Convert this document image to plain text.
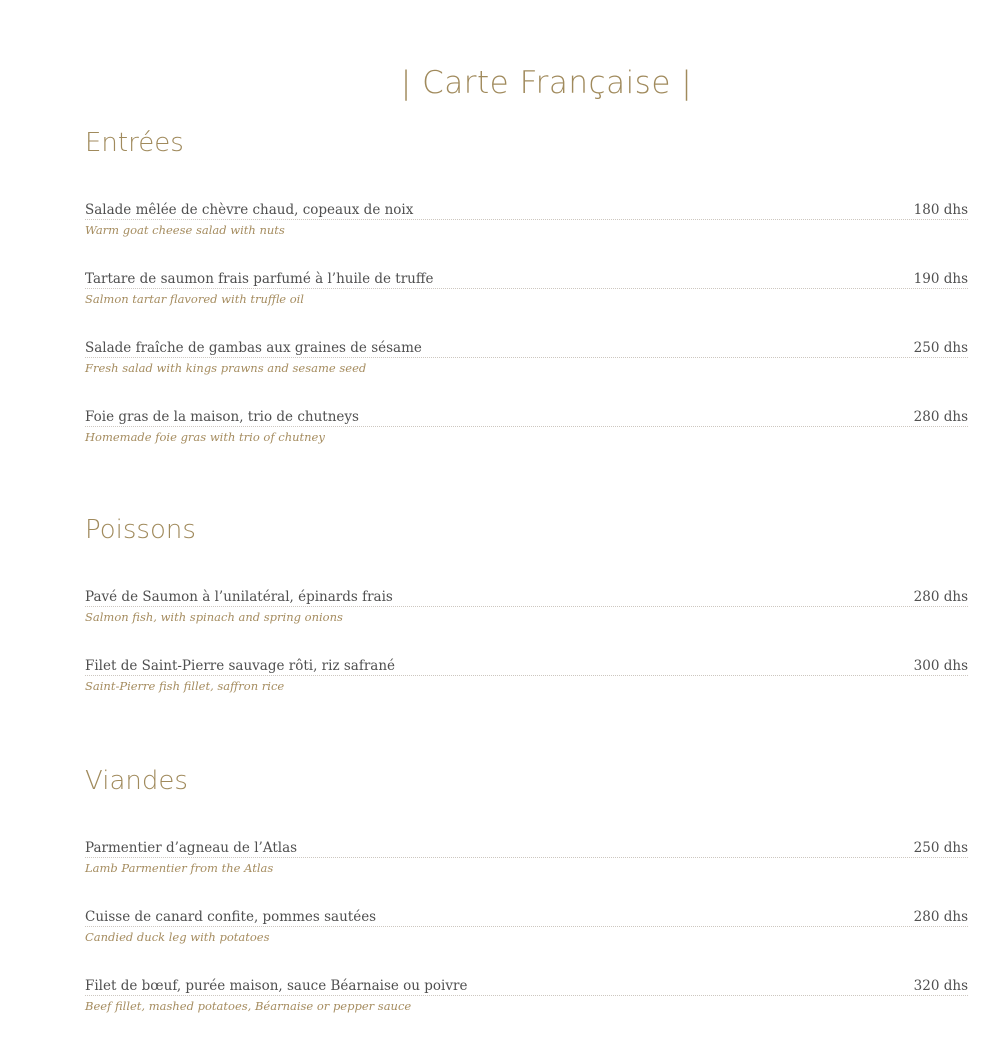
| Carte Française |
Entrées
Salade mêlée de chèvre chaud, copeaux de noix	180 dhs
Warm goat cheese salad with nuts
Tartare de saumon frais parfumé à l’huile de truffe	190 dhs
Salmon tartar flavored with truffle oil
Salade fraîche de gambas aux graines de sésame	250 dhs
Fresh salad with kings prawns and sesame seed
Foie gras de la maison, trio de chutneys	280 dhs
Homemade foie gras with trio of chutney
Poissons
Pavé de Saumon à l’unilatéral, épinards frais	280 dhs
Salmon fish, with spinach and spring onions
Filet de Saint-Pierre sauvage rôti, riz safrané	300 dhs
Saint-Pierre fish fillet, saffron rice
Viandes
Parmentier d’agneau de l’Atlas	250 dhs
Lamb Parmentier from the Atlas
Cuisse de canard confite, pommes sautées	280 dhs
Candied duck leg with potatoes
Filet de bœuf, purée maison, sauce Béarnaise ou poivre	320 dhs
Beef fillet, mashed potatoes, Béarnaise or pepper sauce
